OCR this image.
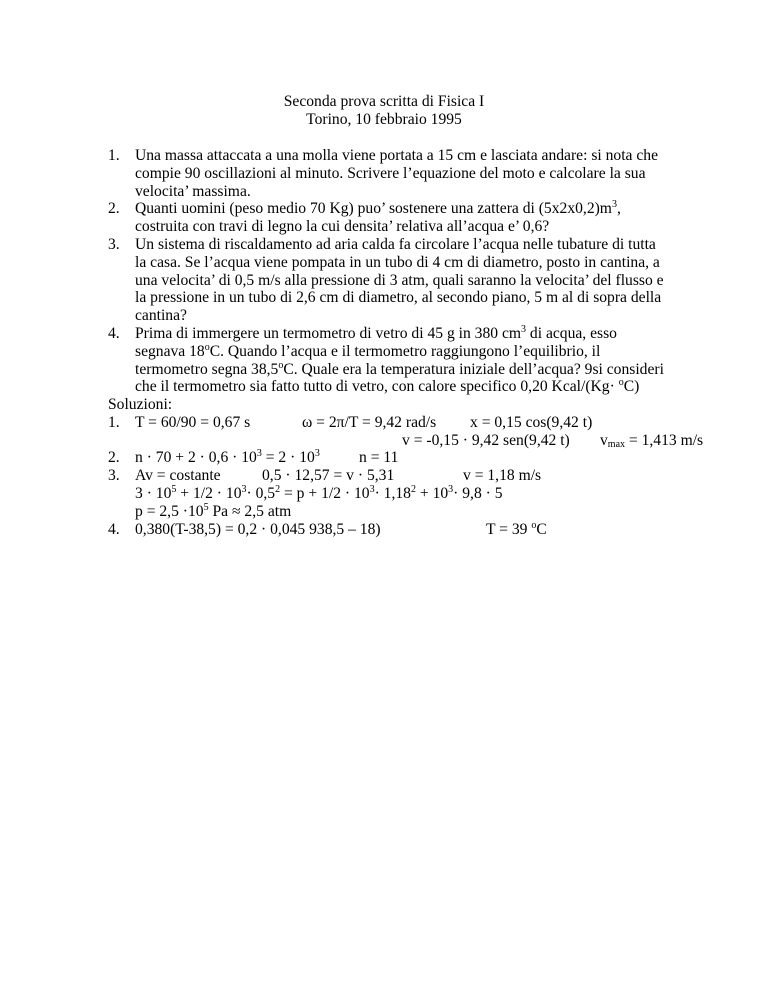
Seconda prova scritta di Fisica I
Torino, 10 febbraio 1995
1. Una massa attaccata a una molla viene portata a 15 cm e lasciata andare: si nota che compie 90 oscillazioni al minuto. Scrivere l’equazione del moto e calcolare la sua velocita’ massima.
2. Quanti uomini (peso medio 70 Kg) puo’ sostenere una zattera di $(5x2x0,2)m^3$, costruita con travi di legno la cui densita’ relativa all’acqua e’ 0,6?
3. Un sistema di riscaldamento ad aria calda fa circolare l’acqua nelle tubature di tutta la casa. Se l’acqua viene pompata in un tubo di 4 cm di diametro, posto in cantina, a una velocita’ di 0,5 m/s alla pressione di 3 atm, quali saranno la velocita’ del flusso e la pressione in un tubo di 2,6 cm di diametro, al secondo piano, 5 m al di sopra della cantina?
4. Prima di immergere un termometro di vetro di 45 g in 380 $cm^3$ di acqua, esso segnava 18$^o$C. Quando l’acqua e il termometro raggiungono l’equilibrio, il termometro segna 38,5$^o$C. Quale era la temperatura iniziale dell’acqua? 9si consideri che il termometro sia fatto tutto di vetro, con calore specifico 0,20 Kcal/(Kg· $^o$C)
Soluzioni:
1. T = 60/90 = 0,67 s	ω = 2π/T = 9,42 rad/s x = 0,15 cos(9,42 t)
v = -0,15 · 9,42 sen(9,42 t) $v_{max} = 1,413$ m/s
2. $n \cdot 70 + 2 \cdot 0,6 \cdot 10^3 = 2 \cdot 10^3$	n = 11
3. Av = costante	0,5 · 12,57 = v · 5,31	v = 1,18 m/s
$3 \cdot 10^5 + 1/2 \cdot 10^3\cdot 0,5^2 = p + 1/2 \cdot 10^3\cdot 1,18^2 + 10^3\cdot 9,8 \cdot 5$
$p = 2,5 \cdot 10^5$ Pa ≈ 2,5 atm
4. 0,380(T-38,5) = 0,2 · 0,045 938,5 – 18)	T = 39 $^o$C
